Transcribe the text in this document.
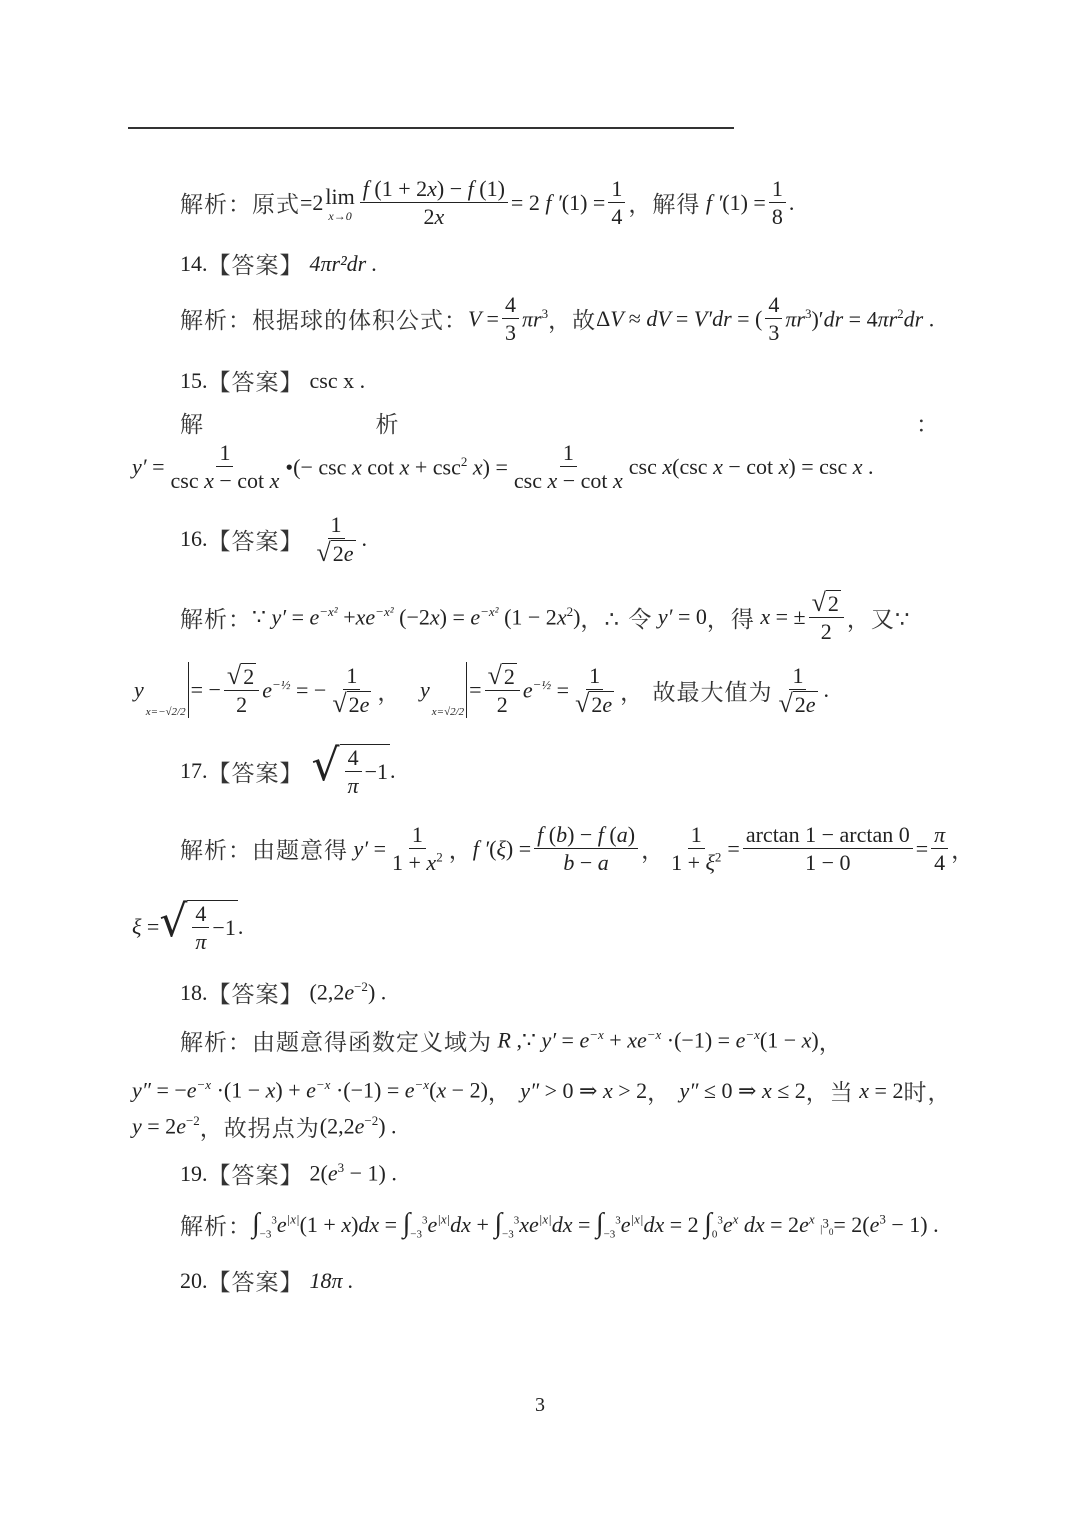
解析： 原式 =2 lim
$x\to 0 \frac{f (1 + 2x) - f (1)}{2x} = 2$ f $'(1) = \frac{1}{4}$ ，解得 f $'(1) = \frac{1}{8}$ .
14. 【答案】 4πr²dr .
解析：根据球的体积公式： $V = \frac{4}{3} \pi r^3$ ，故 ΔV ≈ dV = V′dr = ( $\frac{4}{3} \pi r^3)'dr = 4\pi r^2dr$ .
15. 【答案】 csc x .
解	析	：
$y' = \frac{1}{\text{csc x − cot x}}$ •(− csc x $\cot x + \csc^2 x) = \frac{1}{\text{csc x − cot x}}$ csc x(csc x − cot x) = csc x .
16. 【答案】 $\frac{1}{√ 2e}$ .
解析： ∵ $y' = e^{-x^2} +xe^{-x^2}$ $(-2x) = e^{-x^2}$ $(1 - 2x^2)$ ，∴ 令 y′ = 0 ，得 x = ± $\frac{√ 2}{2}$ ，又∵
y
x=−√2/2
= − $\frac{√ 2}{2} e^{-\frac{1}{2}}$ = − $\frac{1}{√ 2e}$ ， y
x=√2/2
= $\frac{√ 2}{2} e^{-\frac{1}{2}} = \frac{1}{√ 2e}$ ， 故最大值为 $\frac{1}{√ 2e}$ .
17. 【答案】 √ $\frac{4}{\pi} -1$ .
解析：由题意得 $y' = \frac{1}{1 + x^2}$ ， f $'(\xi) = \frac{f (b) - f (a)}{b - a}$ ， $\frac{1}{1 + \xi^2} = \frac{\arctan 1 - \arctan 0}{1 - 0} = \frac{\pi}{4}$ ，
ξ = √ $\frac{4}{\pi} -1$ .
18. 【答案】 $(2,2e^{-2})$ .
解析：由题意得函数定义域为 R ,∵ $y' = e^{-x} + xe^{-x} \cdot(-1) = e^{-x}(1 - x)$ ，
$y'' = -e^{-x} \cdot(1 - x) + e^{-x} \cdot(-1) = e^{-x}(x - 2)$ ， y″ > 0 ⇒ x > 2 ， y″ ≤ 0 ⇒ x ≤ 2 ，当 x = 2 时，
$y = 2e^{-2}$ ，故拐点为 $(2,2e^{-2})$ .
19. 【答案】 $2(e^3 - 1)$ .
解析： $\int_{-3}^3e^{|x|}(1 + x)dx = \int_{-3}^3e^{|x|}dx + \int_{-3}^3xe^{|x|}dx = \int_{-3}^3e^{|x|}dx = 2$ $\int_0^3e^x$ dx = $2e^x$ $|^3_0= 2(e^3 - 1)$ .
20. 【答案】 18π .
3
